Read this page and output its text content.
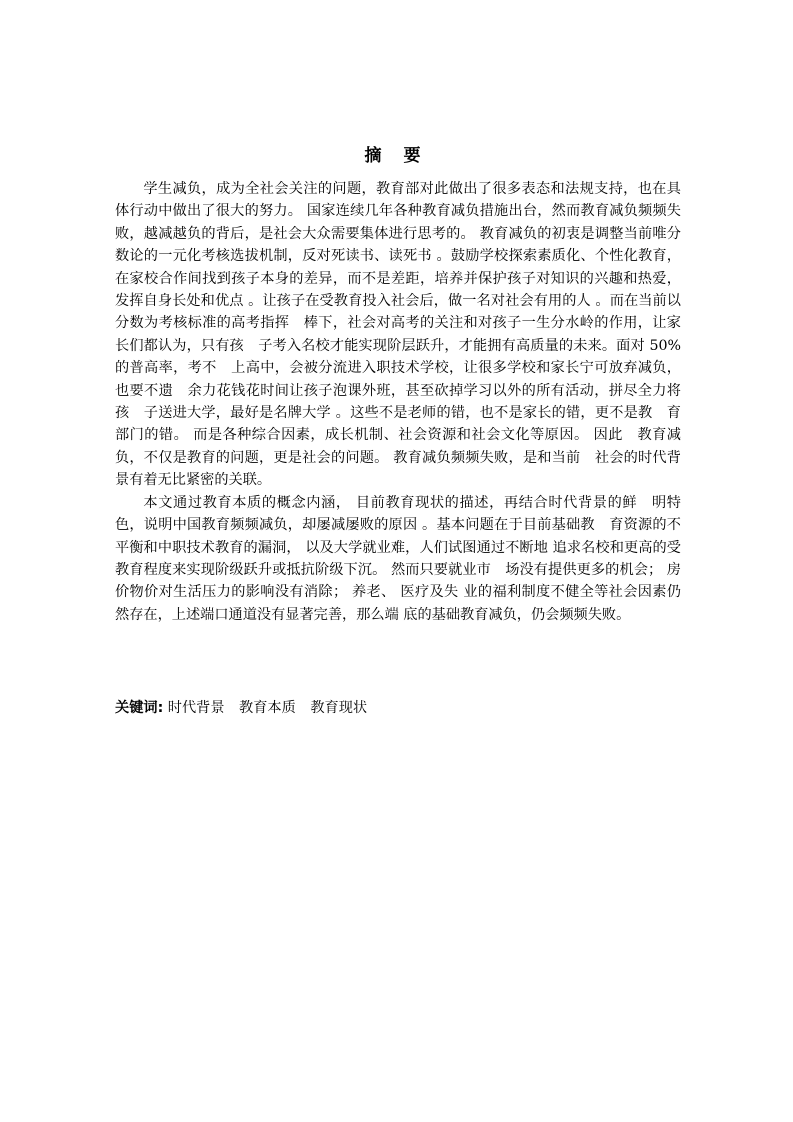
摘 要

学生减负，成为全社会关注的问题，教育部对此做出了很多表态和法规支持，也在具体行动中做出了很大的努力。 国家连续几年各种教育减负措施出台，然而教育减负频频失败，越减越负的背后，是社会大众需要集体进行思考的。 教育减负的初衷是调整当前唯分数论的一元化考核选拔机制，反对死读书、读死书 。鼓励学校探索素质化、个性化教育，在家校合作间找到孩子本身的差异，而不是差距，培养并保护孩子对知识的兴趣和热爱，发挥自身长处和优点 。让孩子在受教育投入社会后，做一名对社会有用的人 。而在当前以分数为考核标准的高考指挥　棒下，社会对高考的关注和对孩子一生分水岭的作用，让家长们都认为，只有孩　子考入名校才能实现阶层跃升，才能拥有高质量的未来。面对 50%的普高率，考不　上高中，会被分流进入职技术学校，让很多学校和家长宁可放弃减负，也要不遗　余力花钱花时间让孩子泡课外班，甚至砍掉学习以外的所有活动，拼尽全力将孩　子送进大学，最好是名牌大学 。这些不是老师的错，也不是家长的错，更不是教　育部门的错。 而是各种综合因素，成长机制、社会资源和社会文化等原因。 因此　教育减负，不仅是教育的问题，更是社会的问题。 教育减负频频失败，是和当前　社会的时代背景有着无比紧密的关联。

本文通过教育本质的概念内涵， 目前教育现状的描述，再结合时代背景的鲜　明特色，说明中国教育频频减负，却屡减屡败的原因 。基本问题在于目前基础教　育资源的不平衡和中职技术教育的漏洞， 以及大学就业难，人们试图通过不断地 追求名校和更高的受教育程度来实现阶级跃升或抵抗阶级下沉。 然而只要就业市　场没有提供更多的机会； 房价物价对生活压力的影响没有消除； 养老、 医疗及失 业的福利制度不健全等社会因素仍然存在，上述端口通道没有显著完善，那么端 底的基础教育减负，仍会频频失败。

关键词: 时代背景 教育本质 教育现状
